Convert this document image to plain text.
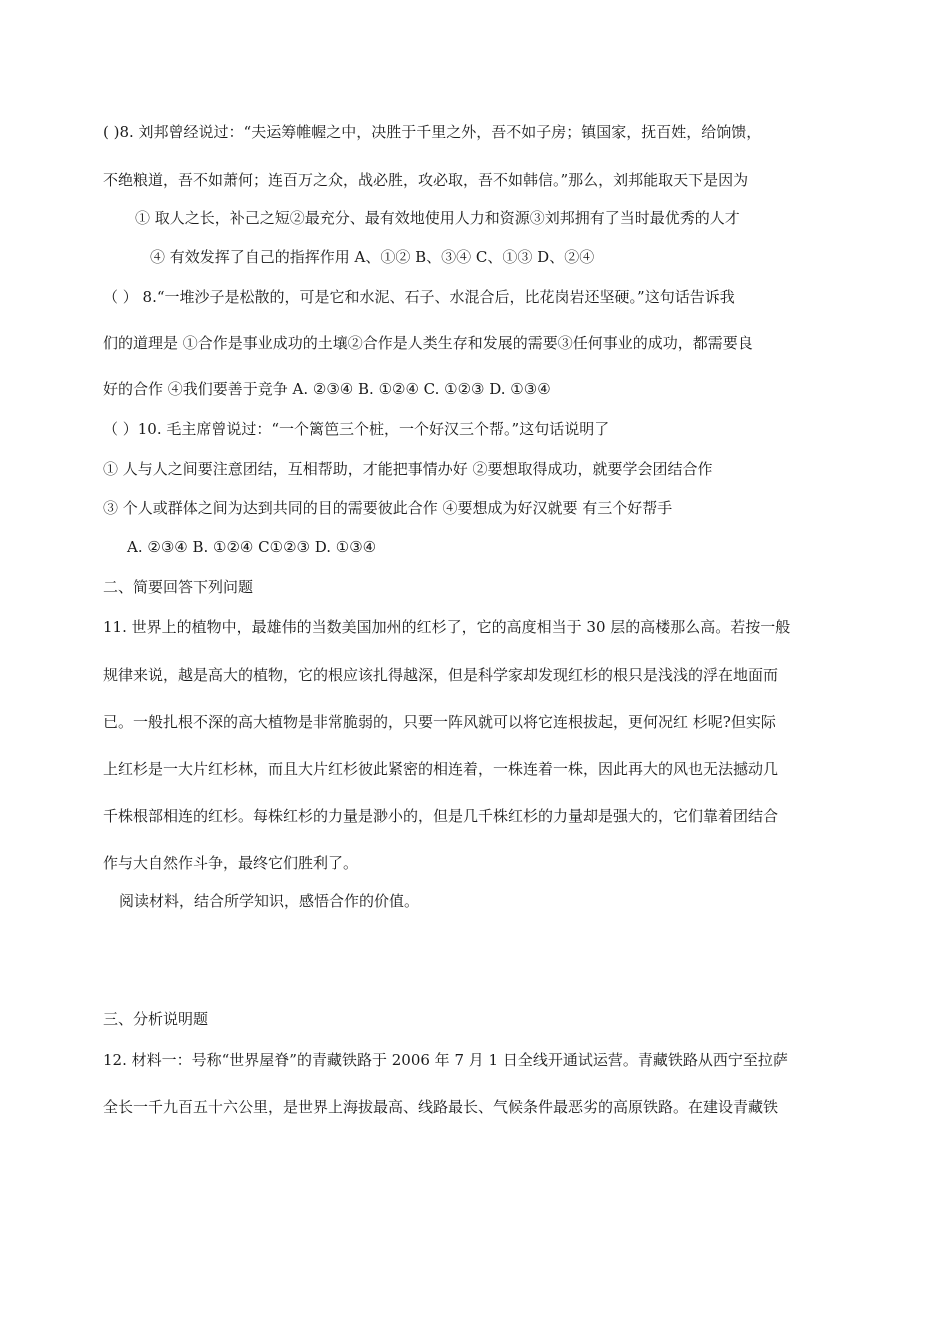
( )8. 刘邦曾经说过：“夫运筹帷幄之中，决胜于千里之外，吾不如子房；镇国家，抚百姓，给饷馈，
不绝粮道，吾不如萧何；连百万之众，战必胜，攻必取，吾不如韩信。”那么，刘邦能取天下是因为
① 取人之长，补己之短②最充分、最有效地使用人力和资源③刘邦拥有了当时最优秀的人才
④ 有效发挥了自己的指挥作用 A、①② B、③④ C、①③ D、②④
（ ） 8.“一堆沙子是松散的，可是它和水泥、石子、水混合后，比花岗岩还坚硬。”这句话告诉我
们的道理是 ①合作是事业成功的土壤②合作是人类生存和发展的需要③任何事业的成功，都需要良
好的合作 ④我们要善于竞争 A. ②③④ B. ①②④ C. ①②③ D. ①③④
（ ）10. 毛主席曾说过：“一个篱笆三个桩，一个好汉三个帮。”这句话说明了
① 人与人之间要注意团结，互相帮助，才能把事情办好 ②要想取得成功，就要学会团结合作
③ 个人或群体之间为达到共同的目的需要彼此合作 ④要想成为好汉就要 有三个好帮手
A. ②③④ B. ①②④ C①②③ D. ①③④
二、简要回答下列问题
11. 世界上的植物中，最雄伟的当数美国加州的红杉了，它的高度相当于 30 层的高楼那么高。若按一般
规律来说，越是高大的植物，它的根应该扎得越深，但是科学家却发现红杉的根只是浅浅的浮在地面而
已。一般扎根不深的高大植物是非常脆弱的，只要一阵风就可以将它连根拔起，更何况红 杉呢?但实际
上红杉是一大片红杉林，而且大片红杉彼此紧密的相连着，一株连着一株，因此再大的风也无法撼动几
千株根部相连的红杉。每株红杉的力量是渺小的，但是几千株红杉的力量却是强大的，它们靠着团结合
作与大自然作斗争，最终它们胜利了。
阅读材料，结合所学知识，感悟合作的价值。
三、分析说明题
12. 材料一：号称“世界屋脊”的青藏铁路于 2006 年 7 月 1 日全线开通试运营。青藏铁路从西宁至拉萨
全长一千九百五十六公里，是世界上海拔最高、线路最长、气候条件最恶劣的高原铁路。在建设青藏铁
